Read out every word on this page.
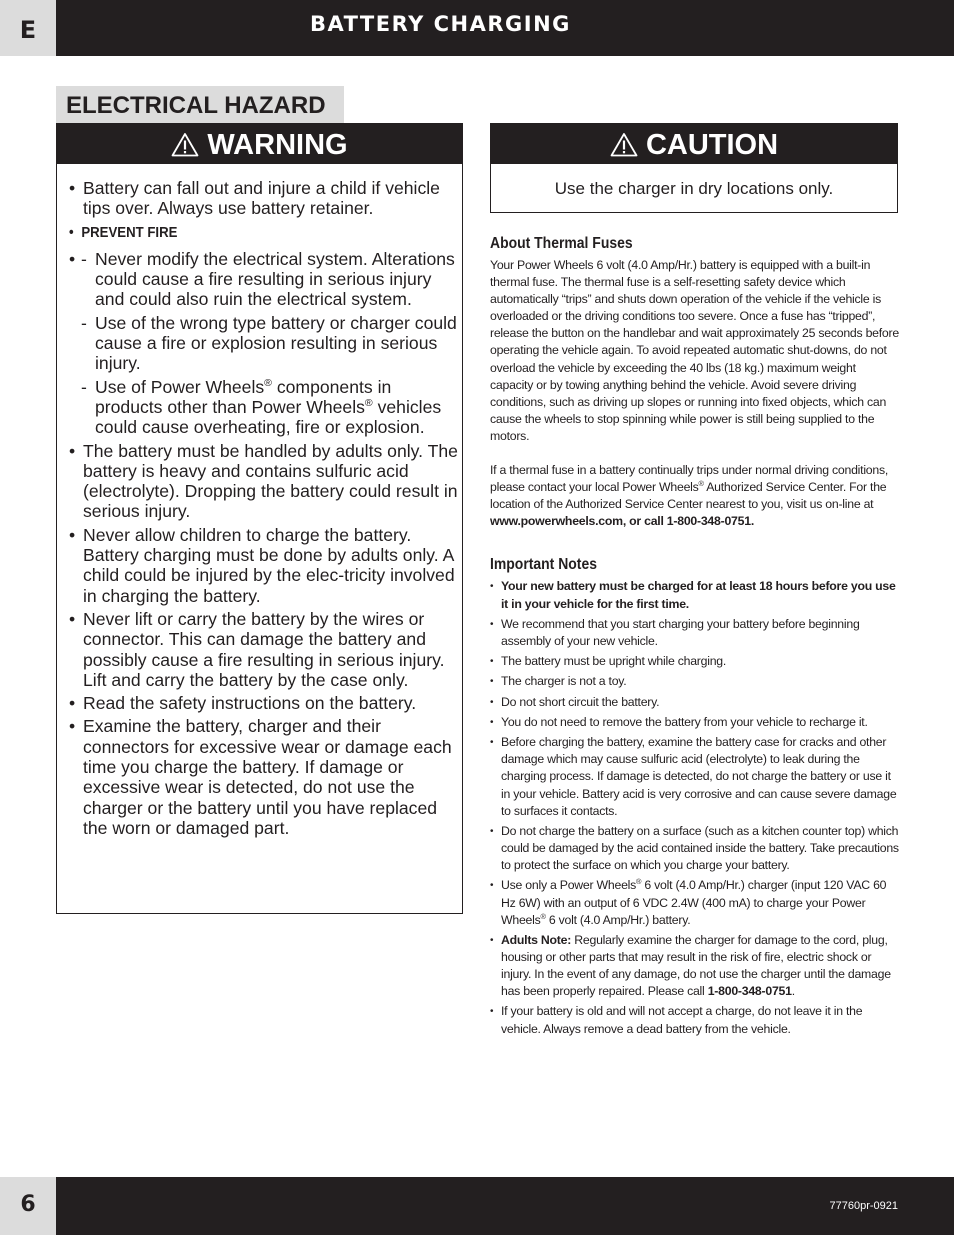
E	BATTERY CHARGING
ELECTRICAL HAZARD
WARNING
• Battery can fall out and injure a child if vehicle tips over. Always use battery retainer.
• PREVENT FIRE
- • Never modify the electrical system. Alterations could cause a fire resulting in serious injury and could also ruin the electrical system.
- Use of the wrong type battery or charger could cause a fire or explosion resulting in serious injury.
- Use of Power Wheels® components in products other than Power Wheels® vehicles could cause overheating, fire or explosion.
• The battery must be handled by adults only. The battery is heavy and contains sulfuric acid (electrolyte). Dropping the battery could result in serious injury.
• Never allow children to charge the battery. Battery charging must be done by adults only. A child could be injured by the elec-tricity involved in charging the battery.
• Never lift or carry the battery by the wires or connector. This can damage the battery and possibly cause a fire resulting in serious injury. Lift and carry the battery by the case only.
• Read the safety instructions on the battery.
• Examine the battery, charger and their connectors for excessive wear or damage each time you charge the battery. If damage or excessive wear is detected, do not use the charger or the battery until you have replaced the worn or damaged part.
CAUTION
Use the charger in dry locations only.
About Thermal Fuses

Your Power Wheels 6 volt (4.0 Amp/Hr.) battery is equipped with a built-in thermal fuse. The thermal fuse is a self-resetting safety device which automatically “trips” and shuts down operation of the vehicle if the vehicle is overloaded or the driving conditions too severe. Once a fuse has “tripped”, release the button on the handlebar and wait approximately 25 seconds before operating the vehicle again. To avoid repeated automatic shut-downs, do not overload the vehicle by exceeding the 40 lbs (18 kg.) maximum weight capacity or by towing anything behind the vehicle. Avoid severe driving conditions, such as driving up slopes or running into fixed objects, which can cause the wheels to stop spinning while power is still being supplied to the motors.

If a thermal fuse in a battery continually trips under normal driving conditions, please contact your local Power Wheels® Authorized Service Center. For the location of the Authorized Service Center nearest to you, visit us on-line at www.powerwheels.com, or call 1-800-348-0751.

Important Notes
• Your new battery must be charged for at least 18 hours before you use it in your vehicle for the first time.
• We recommend that you start charging your battery before beginning assembly of your new vehicle.
• The battery must be upright while charging.
• The charger is not a toy.
• Do not short circuit the battery.
• You do not need to remove the battery from your vehicle to recharge it.
• Before charging the battery, examine the battery case for cracks and other damage which may cause sulfuric acid (electrolyte) to leak during the charging process. If damage is detected, do not charge the battery or use it in your vehicle. Battery acid is very corrosive and can cause severe damage to surfaces it contacts.
• Do not charge the battery on a surface (such as a kitchen counter top) which could be damaged by the acid contained inside the battery. Take precautions to protect the surface on which you charge your battery.
• Use only a Power Wheels® 6 volt (4.0 Amp/Hr.) charger (input 120 VAC 60 Hz 6W) with an output of 6 VDC 2.4W (400 mA) to charge your Power Wheels® 6 volt (4.0 Amp/Hr.) battery.
• Adults Note: Regularly examine the charger for damage to the cord, plug, housing or other parts that may result in the risk of fire, electric shock or injury. In the event of any damage, do not use the charger until the damage has been properly repaired. Please call 1-800-348-0751.
• If your battery is old and will not accept a charge, do not leave it in the vehicle. Always remove a dead battery from the vehicle.
6	77760pr-0921
